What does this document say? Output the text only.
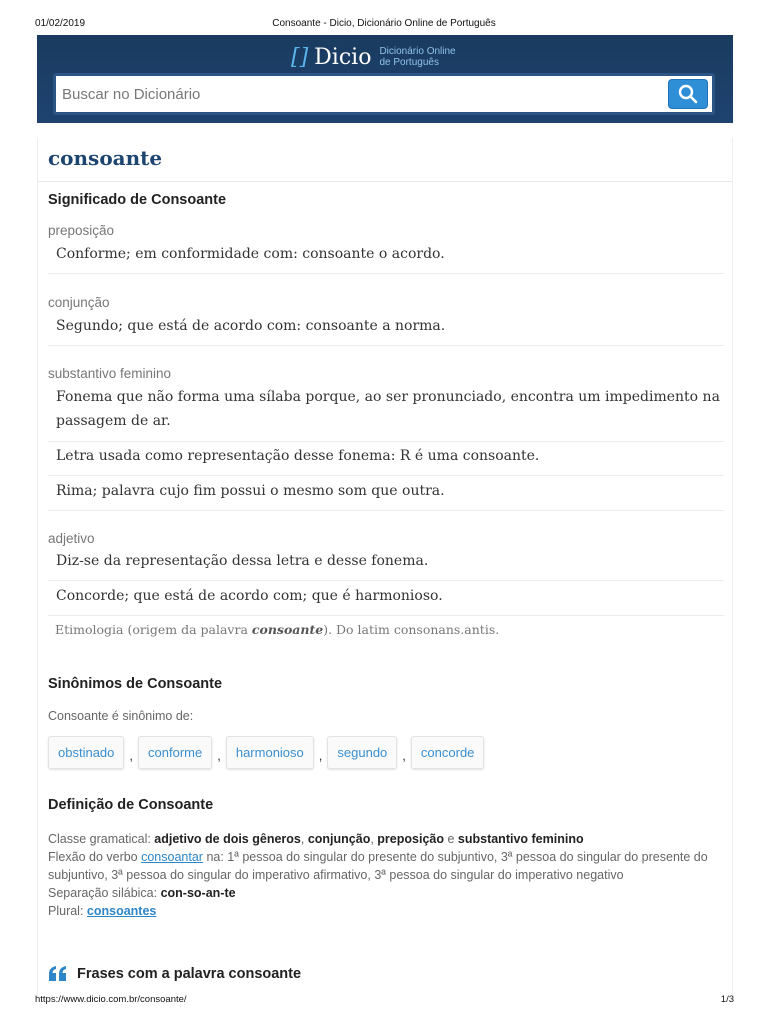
01/02/2019	Consoante - Dicio, Dicionário Online de Português
[] Dicio Dicionário Online
de Português
Buscar no Dicionário
consoante
Significado de Consoante
preposição
Conforme; em conformidade com: consoante o acordo.
conjunção
Segundo; que está de acordo com: consoante a norma.
substantivo feminino
Fonema que não forma uma sílaba porque, ao ser pronunciado, encontra um impedimento na passagem de ar.
Letra usada como representação desse fonema: R é uma consoante.
Rima; palavra cujo fim possui o mesmo som que outra.
adjetivo
Diz-se da representação dessa letra e desse fonema.
Concorde; que está de acordo com; que é harmonioso.
Etimologia (origem da palavra consoante). Do latim consonans.antis.
Sinônimos de Consoante
Consoante é sinônimo de:
obstinado	,	conforme	,	harmonioso	,	segundo	,	concorde
Definição de Consoante
Classe gramatical: adjetivo de dois gêneros, conjunção, preposição e substantivo feminino
Flexão do verbo consoantar na: 1ª pessoa do singular do presente do subjuntivo, 3ª pessoa do singular do presente do subjuntivo, 3ª pessoa do singular do imperativo afirmativo, 3ª pessoa do singular do imperativo negativo
Separação silábica: con-so-an-te
Plural: consoantes
Frases com a palavra consoante
https://www.dicio.com.br/consoante/	1/3
